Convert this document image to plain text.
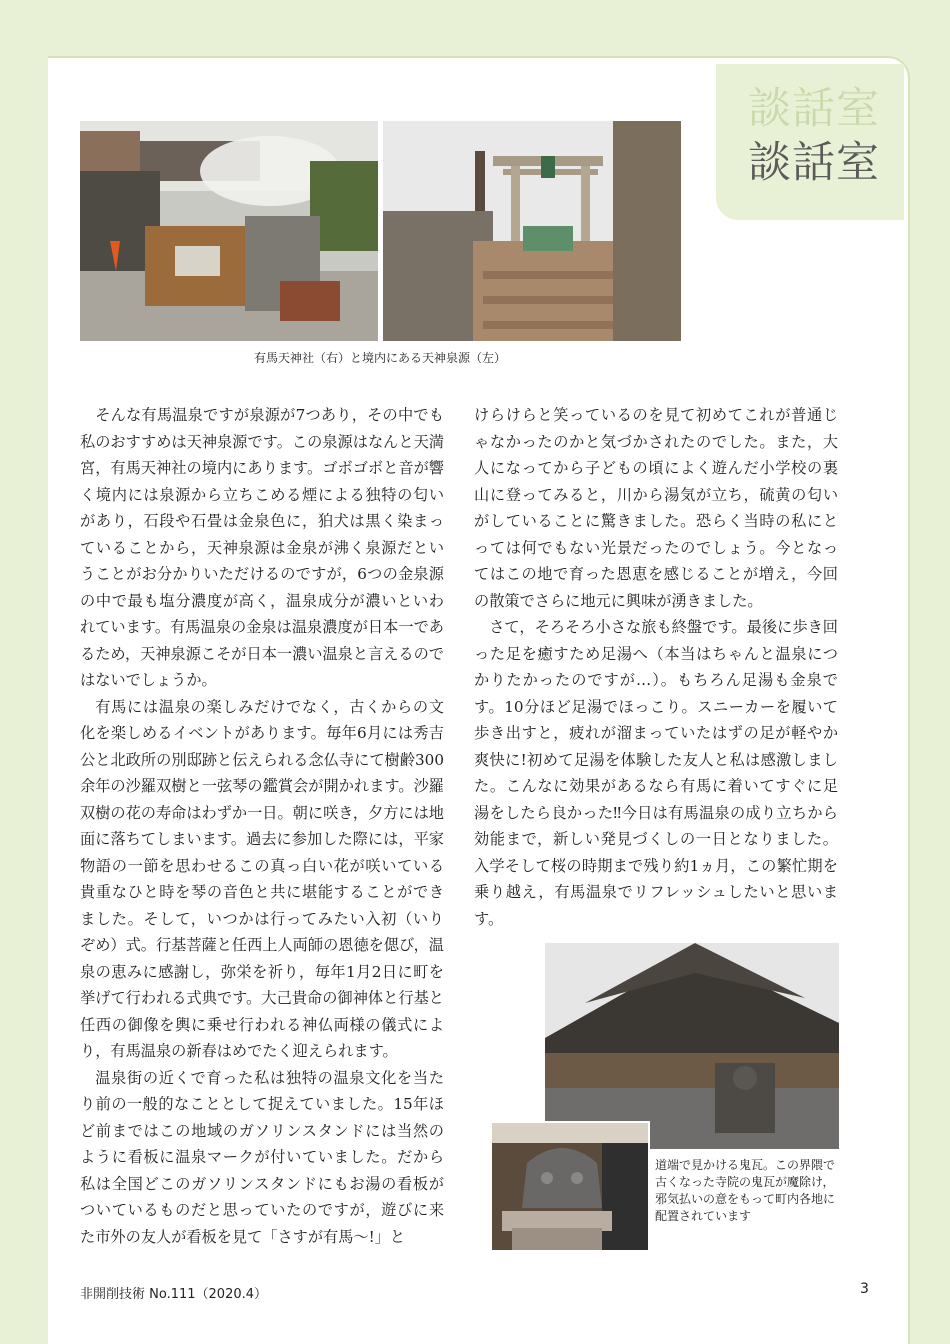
談話室
談話室
有馬天神社（右）と境内にある天神泉源（左）

そんな有馬温泉ですが泉源が7つあり，その中でも私のおすすめは天神泉源です。この泉源はなんと天満宮，有馬天神社の境内にあります。ゴボゴボと音が響く境内には泉源から立ちこめる煙による独特の匂いがあり，石段や石畳は金泉色に，狛犬は黒く染まっていることから，天神泉源は金泉が沸く泉源だということがお分かりいただけるのですが，6つの金泉源の中で最も塩分濃度が高く，温泉成分が濃いといわれています。有馬温泉の金泉は温泉濃度が日本一であるため，天神泉源こそが日本一濃い温泉と言えるのではないでしょうか。

有馬には温泉の楽しみだけでなく，古くからの文化を楽しめるイベントがあります。毎年6月には秀吉公と北政所の別邸跡と伝えられる念仏寺にて樹齢300余年の沙羅双樹と一弦琴の鑑賞会が開かれます。沙羅双樹の花の寿命はわずか一日。朝に咲き，夕方には地面に落ちてしまいます。過去に参加した際には，平家物語の一節を思わせるこの真っ白い花が咲いている貴重なひと時を琴の音色と共に堪能することができました。そして，いつかは行ってみたい入初（いりぞめ）式。行基菩薩と任西上人両師の恩徳を偲び，温泉の恵みに感謝し，弥栄を祈り，毎年1月2日に町を挙げて行われる式典です。大己貴命の御神体と行基と任西の御像を輿に乗せ行われる神仏両様の儀式により，有馬温泉の新春はめでたく迎えられます。

温泉街の近くで育った私は独特の温泉文化を当たり前の一般的なこととして捉えていました。15年ほど前まではこの地域のガソリンスタンドには当然のように看板に温泉マークが付いていました。だから私は全国どこのガソリンスタンドにもお湯の看板がついているものだと思っていたのですが，遊びに来た市外の友人が看板を見て「さすが有馬～!」と

けらけらと笑っているのを見て初めてこれが普通じゃなかったのかと気づかされたのでした。また，大人になってから子どもの頃によく遊んだ小学校の裏山に登ってみると，川から湯気が立ち，硫黄の匂いがしていることに驚きました。恐らく当時の私にとっては何でもない光景だったのでしょう。今となってはこの地で育った恩恵を感じることが増え，今回の散策でさらに地元に興味が湧きました。

さて，そろそろ小さな旅も終盤です。最後に歩き回った足を癒すため足湯へ（本当はちゃんと温泉につかりたかったのですが…）。もちろん足湯も金泉です。10分ほど足湯でほっこり。スニーカーを履いて歩き出すと，疲れが溜まっていたはずの足が軽やか爽快に!初めて足湯を体験した友人と私は感激しました。こんなに効果があるなら有馬に着いてすぐに足湯をしたら良かった‼今日は有馬温泉の成り立ちから効能まで，新しい発見づくしの一日となりました。入学そして桜の時期まで残り約1ヵ月，この繁忙期を乗り越え，有馬温泉でリフレッシュしたいと思います。

道端で見かける鬼瓦。この界隈で古くなった寺院の鬼瓦が魔除け，邪気払いの意をもって町内各地に配置されています
非開削技術 No.111（2020.4）	3
